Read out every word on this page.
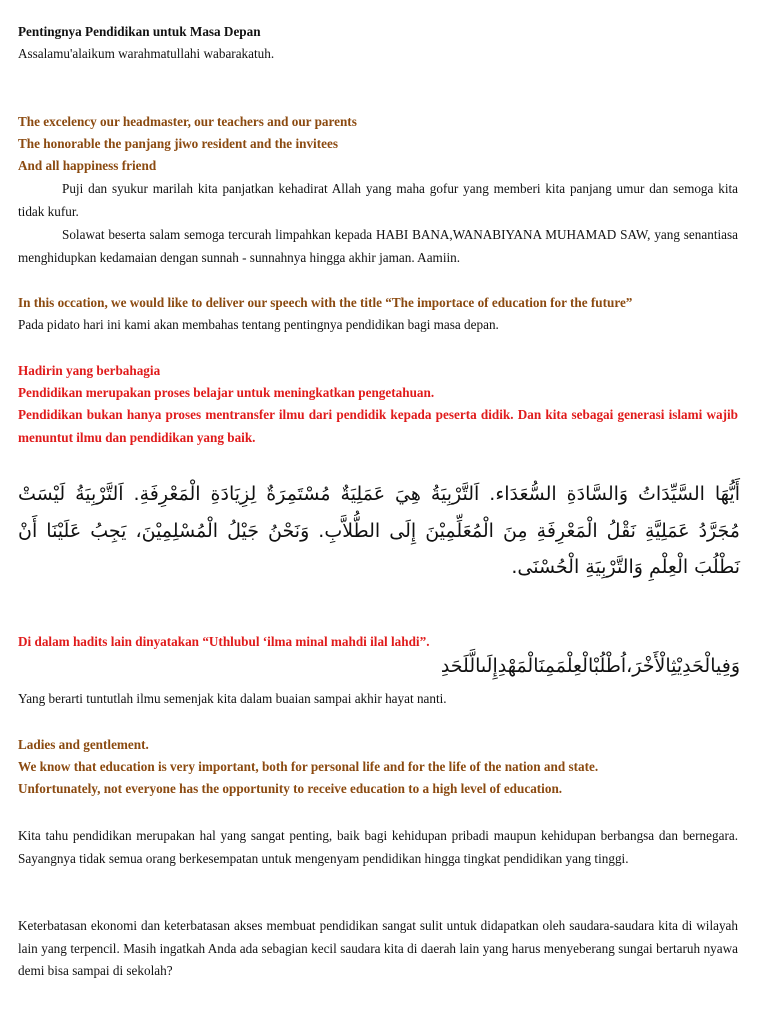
Pentingnya Pendidikan untuk Masa Depan
Assalamu'alaikum warahmatullahi wabarakatuh.
The excelency our headmaster, our teachers and our parents
The honorable the panjang jiwo resident and the invitees
And all happiness friend
Puji dan syukur marilah kita panjatkan kehadirat Allah yang maha gofur yang memberi kita panjang umur dan semoga kita tidak kufur.
Solawat beserta salam semoga tercurah limpahkan kepada HABI BANA,WANABIYANA MUHAMAD SAW, yang senantiasa menghidupkan kedamaian dengan sunnah - sunnahnya hingga akhir jaman. Aamiin.
In this occation, we would like to deliver our speech with the title “The importace of education for the future”
Pada pidato hari ini kami akan membahas tentang pentingnya pendidikan bagi masa depan.
Hadirin yang berbahagia
Pendidikan merupakan proses belajar untuk meningkatkan pengetahuan.
Pendidikan bukan hanya proses mentransfer ilmu dari pendidik kepada peserta didik. Dan kita sebagai generasi islami wajib menuntut ilmu dan pendidikan yang baik.
أَيُّهَا السَّيِّدَاتُ وَالسَّادَةِ السُّعَدَاء. اَلتَّرْبِيَةُ هِيَ عَمَلِيَةٌ مُسْتَمِرَةٌ لِزِيَادَةِ الْمَعْرِفَةِ. اَلتَّرْبِيَةُ لَيْسَتْ مُجَرَّدُ عَمَلِيَّةِ نَقْلُ الْمَعْرِفَةِ مِنَ الْمُعَلِّمِيْنَ إِلَى الطُّلاَّبِ. وَنَحْنُ جَيْلُ الْمُسْلِمِيْنَ، يَجِبُ عَلَيْنَا أَنْ نَطْلُبَ الْعِلْمِ وَالتَّرْبِيَةِ الْحُسْنَى.
Di dalam hadits lain dinyatakan “Uthlubul ‘ilma minal mahdi ilal lahdi”.
وَفِيالْحَدِيْثِالْأَخْرَ،اُطْلُبْالْعِلْمَمِنَالْمَهْدِإِلَىالَّلَحَدِ
Yang berarti tuntutlah ilmu semenjak kita dalam buaian sampai akhir hayat nanti.
Ladies and gentlement.
We know that education is very important, both for personal life and for the life of the nation and state.
Unfortunately, not everyone has the opportunity to receive education to a high level of education.
Kita tahu pendidikan merupakan hal yang sangat penting, baik bagi kehidupan pribadi maupun kehidupan berbangsa dan bernegara. Sayangnya tidak semua orang berkesempatan untuk mengenyam pendidikan hingga tingkat pendidikan yang tinggi.
Keterbatasan ekonomi dan keterbatasan akses membuat pendidikan sangat sulit untuk didapatkan oleh saudara-saudara kita di wilayah lain yang terpencil. Masih ingatkah Anda ada sebagian kecil saudara kita di daerah lain yang harus menyeberang sungai bertaruh nyawa demi bisa sampai di sekolah?
